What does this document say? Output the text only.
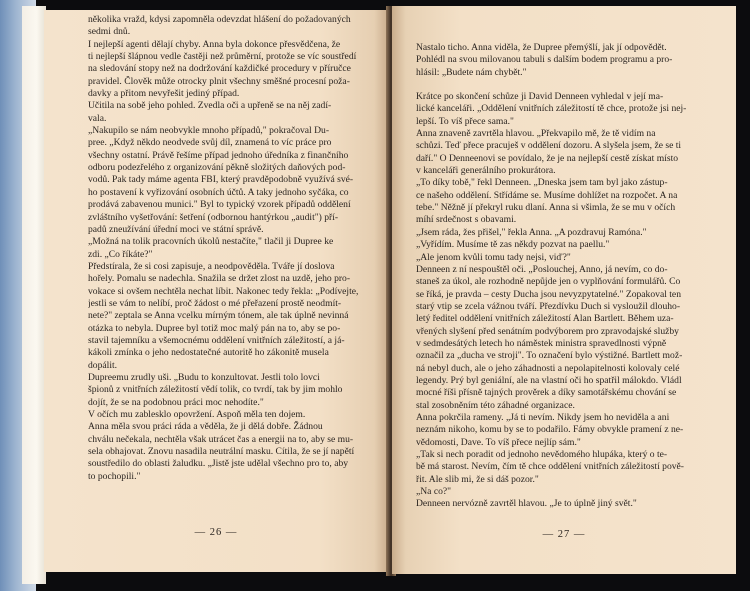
několika vražd, kdysi zapomněla odevzdat hlášení do požadovaných
sedmi dnů.
I nejlepší agenti dělají chyby. Anna byla dokonce přesvědčena, že
ti nejlepší šlápnou vedle častěji než průměrní, protože se víc soustředí
na sledování stopy než na dodržování každičké procedury v příručce
pravidel. Člověk může otrocky plnit všechny směšné procesní poža-
davky a přitom nevyřešit jediný případ.
Učitila na sobě jeho pohled. Zvedla oči a upřeně se na něj zadí-
vala.
„Nakupilo se nám neobvykle mnoho případů," pokračoval Du-
pree. „Když někdo neodvede svůj díl, znamená to víc práce pro
všechny ostatní. Právě řešíme případ jednoho úředníka z finančního
odboru podezřelého z organizování pěkně složitých daňových pod-
vodů. Pak tady máme agenta FBI, který pravděpodobně využívá své-
ho postavení k vyřizování osobních účtů. A taky jednoho syčáka, co
prodává zabavenou munici." Byl to typický vzorek případů oddělení
zvláštního vyšetřování: šetření (odbornou hantýrkou „audit") pří-
padů zneužívání úřední moci ve státní správě.
„Možná na tolik pracovních úkolů nestačíte," tlačil ji Dupree ke
zdi. „Co říkáte?"
Předstírala, že si cosi zapisuje, a neodpověděla. Tváře jí doslova
hořely. Pomalu se nadechla. Snažila se držet zlost na uzdě, jeho pro-
vokace si ovšem nechtěla nechat líbit. Nakonec tedy řekla: „Podívejte,
jestli se vám to nelíbí, proč žádost o mé přeřazení prostě neodmít-
nete?" zeptala se Anna vcelku mírným tónem, ale tak úplně nevinná
otázka to nebyla. Dupree byl totiž moc malý pán na to, aby se po-
stavil tajemníku a všemocnému oddělení vnitřních záležitostí, a já-
kákoli zmínka o jeho nedostatečné autoritě ho zákonitě musela
dopálit.
Dupreemu zrudly uši. „Budu to konzultovat. Jestli tolo lovci
špionů z vnitřních záležitostí vědí tolik, co tvrdí, tak by jim mohlo
dojít, že se na podobnou práci moc nehodíte."
V očích mu zablesklo opovržení. Aspoň měla ten dojem.
Anna měla svou práci ráda a věděla, že ji dělá dobře. Žádnou
chválu nečekala, nechtěla však utrácet čas a energii na to, aby se mu-
sela obhajovat. Znovu nasadila neutrální masku. Cítila, že se jí napětí
soustředilo do oblasti žaludku. „Jistě jste udělal všechno pro to, aby
to pochopili."
— 26 —
Nastalo ticho. Anna viděla, že Dupree přemýšlí, jak jí odpovědět.
Pohlédl na svou milovanou tabuli s dalším bodem programu a pro-
hlásil: „Budete nám chybět."
Krátce po skončení schůze ji David Denneen vyhledal v její ma-
lické kanceláři. „Oddělení vnitřních záležitostí tě chce, protože jsi nej-
lepší. To víš přece sama."
Anna znaveně zavrtěla hlavou. „Překvapilo mě, že tě vidím na
schůzi. Teď přece pracuješ v oddělení dozoru. A slyšela jsem, že se ti
daří." O Denneenovi se povídalo, že je na nejlepší cestě získat místo
v kanceláři generálního prokurátora.
„To díky tobě," řekl Denneen. „Dneska jsem tam byl jako zástup-
ce našeho oddělení. Střídáme se. Musíme dohlížet na rozpočet. A na
tebe." Něžně jí překryl ruku dlaní. Anna si všimla, že se mu v očích
míhí srdečnost s obavami.
„Jsem ráda, žes přišel," řekla Anna. „A pozdravuj Ramóna."
„Vyřídím. Musíme tě zas někdy pozvat na paellu."
„Ale jenom kvůli tomu tady nejsi, viď?"
Denneen z ní nespouštěl oči. „Poslouchej, Anno, já nevím, co do-
staneš za úkol, ale rozhodně nepůjde jen o vyplňování formulářů. Co
se říká, je pravda – cesty Ducha jsou nevyzpytatelné." Zopakoval ten
starý vtip se zcela vážnou tváří. Přezdívku Duch si vysloužil dlouho-
letý ředitel oddělení vnitřních záležitostí Alan Bartlett. Během uza-
vřených slyšení před senátním podvýborem pro zpravodajské služby
v sedmdesátých letech ho náměstek ministra spravedlnosti výpně
označil za „ducha ve stroji". To označení bylo výstižné. Bartlett mož-
ná nebyl duch, ale o jeho záhadnosti a nepolapitelnosti kolovaly celé
legendy. Prý byl geniální, ale na vlastní oči ho spatřil málokdo. Vládl
mocné říši přísně tajných prověrek a díky samotářskému chování se
stal zosobněním této záhadné organizace.
Anna pokrčila rameny. „Já ti nevím. Nikdy jsem ho neviděla a ani
neznám nikoho, komu by se to podařilo. Fámy obvykle pramení z ne-
vědomosti, Dave. To víš přece nejlíp sám."
„Tak si nech poradit od jednoho nevědomého hlupáka, který o te-
bě má starost. Nevím, čím tě chce oddělení vnitřních záležitostí pově-
řit. Ale slib mi, že si dáš pozor."
„Na co?"
Denneen nervózně zavrtěl hlavou. „Je to úplně jiný svět."
— 27 —
